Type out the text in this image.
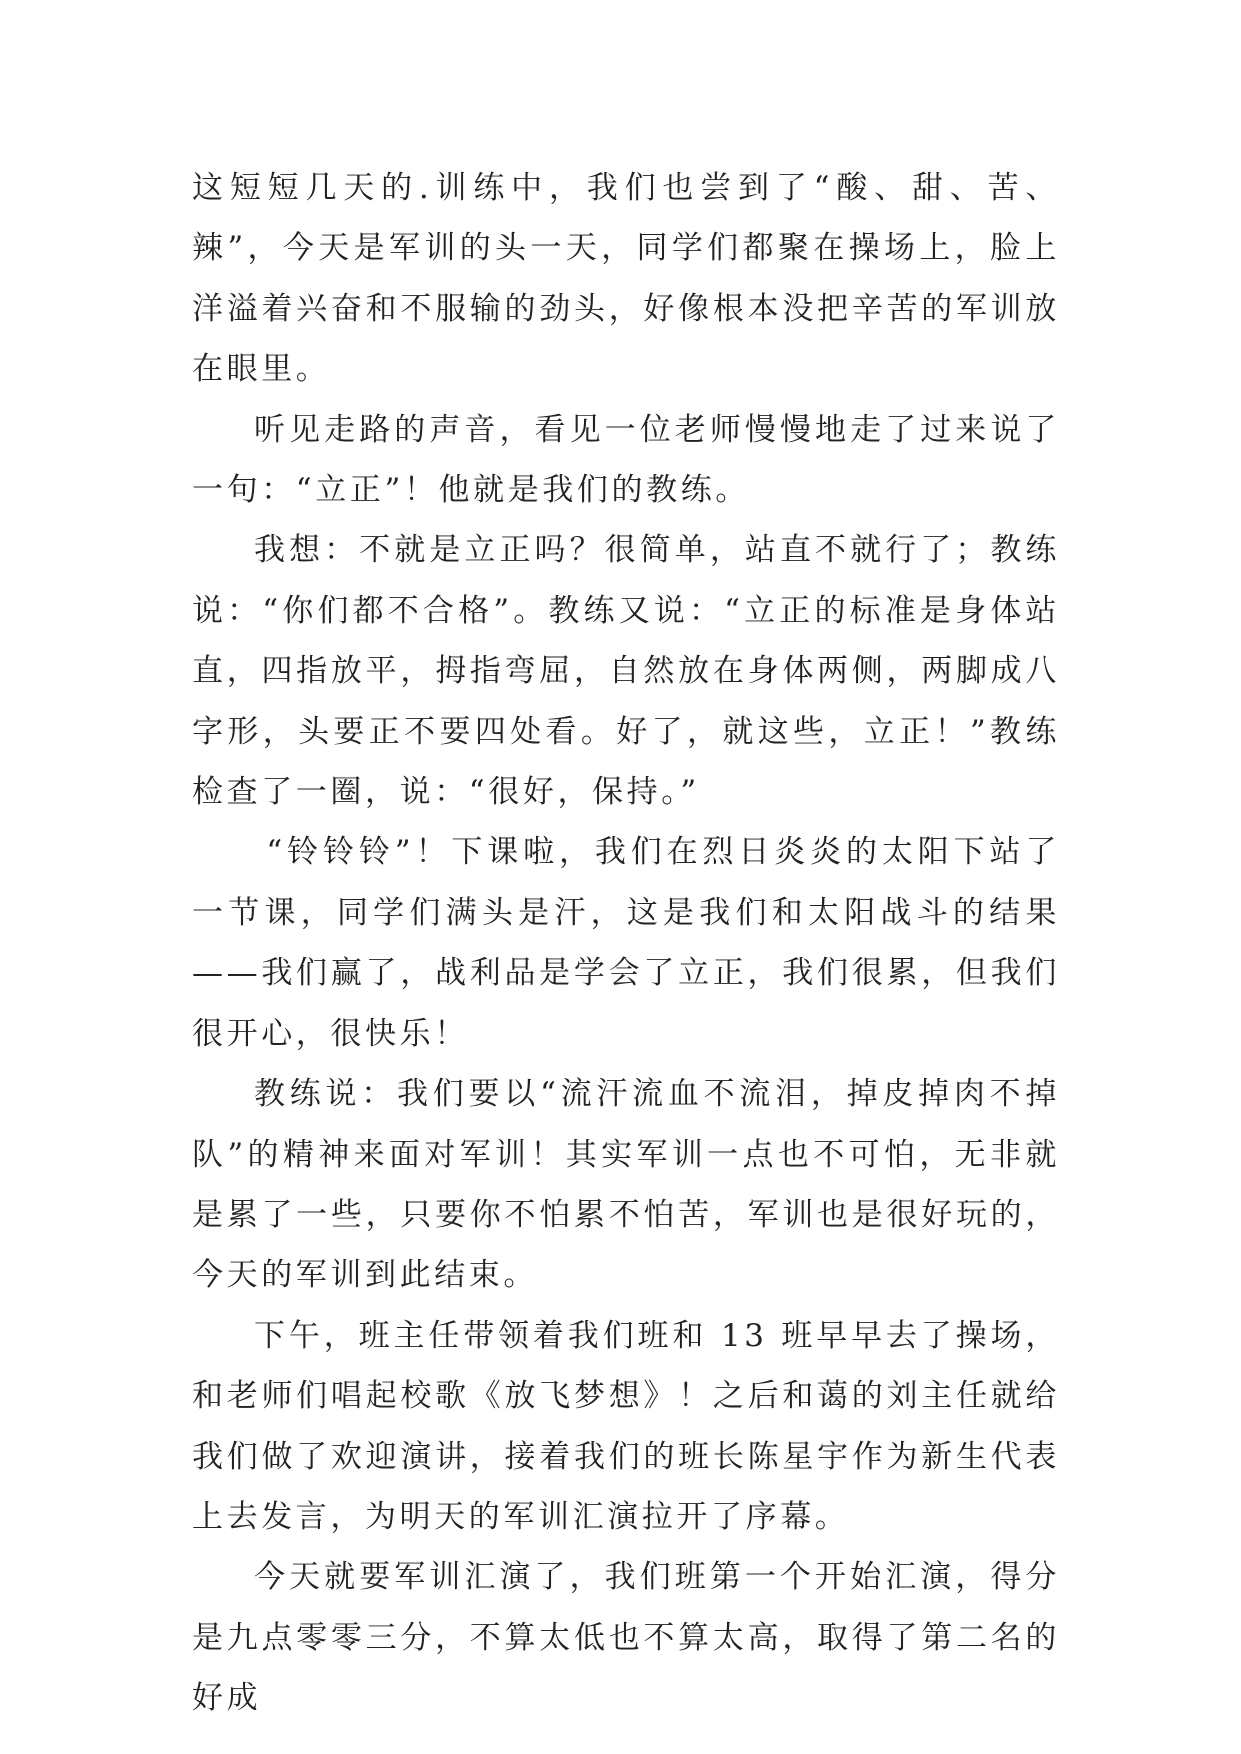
这短短几天的.训练中，我们也尝到了“酸、甜、苦、辣”，今天是军训的头一天，同学们都聚在操场上，脸上洋溢着兴奋和不服输的劲头，好像根本没把辛苦的军训放在眼里。

听见走路的声音，看见一位老师慢慢地走了过来说了一句：“立正”！他就是我们的教练。

我想：不就是立正吗？很简单，站直不就行了；教练说：“你们都不合格”。教练又说：“立正的标准是身体站直，四指放平，拇指弯屈，自然放在身体两侧，两脚成八字形，头要正不要四处看。好了，就这些，立正！”教练检查了一圈，说：“很好，保持。”

“铃铃铃”！下课啦，我们在烈日炎炎的太阳下站了一节课，同学们满头是汗，这是我们和太阳战斗的结果——我们赢了，战利品是学会了立正，我们很累，但我们很开心，很快乐！

教练说：我们要以“流汗流血不流泪，掉皮掉肉不掉队”的精神来面对军训！其实军训一点也不可怕，无非就是累了一些，只要你不怕累不怕苦，军训也是很好玩的，今天的军训到此结束。

下午，班主任带领着我们班和 13 班早早去了操场，和老师们唱起校歌《放飞梦想》！之后和蔼的刘主任就给我们做了欢迎演讲，接着我们的班长陈星宇作为新生代表上去发言，为明天的军训汇演拉开了序幕。

今天就要军训汇演了，我们班第一个开始汇演，得分是九点零零三分，不算太低也不算太高，取得了第二名的好成
